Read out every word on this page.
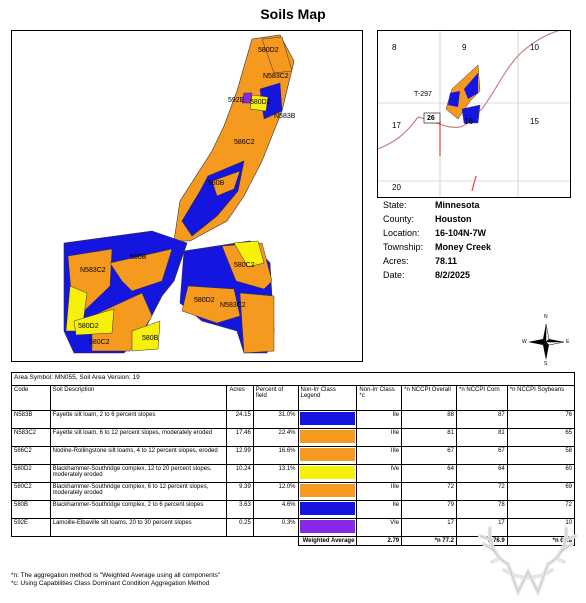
Soils Map
580D2
N583C2
592E 580D2
N583B
586C2
580B
580B
N583C2
580C2
580D2
N583C2
580D2
580C2
580B
8	9	10
17	16	15
20
T-297
26
State:	Minnesota
County:	Houston
Location:	16-104N-7W
Township:	Money Creek
Acres:	78.11
Date:	8/2/2025
N
S
W	E
Area Symbol: MN055, Soil Area Version: 19								
Code	Soil Description	Acres	Percent of field	Non-Irr Class Legend	Non-Irr Class *c	*n NCCPI Overall	*n NCCPI Corn	*n NCCPI Soybeans
N583B	Fayette silt loam, 2 to 6 percent slopes	24.15	31.0%		IIe	88	87	76
N583C2	Fayette silt loam, 6 to 12 percent slopes, moderately eroded	17.46	22.4%		IIIe	81	81	65
586C2	Nodine-Rollingstone silt loams, 4 to 12 percent slopes, eroded	12.99	16.6%		IIIe	67	67	58
580D2	Blackhammer-Southridge complex, 12 to 20 percent slopes, moderately eroded	10.24	13.1%		IVe	64	64	60
580C2	Blackhammer-Southridge complex, 6 to 12 percent slopes, moderately eroded	9.39	12.0%		IIIe	72	72	69
580B	Blackhammer-Southridge complex, 2 to 6 percent slopes	3.63	4.6%		IIe	79	78	72
592E	Lamoille-Elbaville silt loams, 20 to 30 percent slopes	0.25	0.3%		VIe	17	17	10
				Weighted Average	2.79	*n 77.2	*n 76.9	*n 67.8
*n: The aggregation method is "Weighted Average using all components"
*c: Using Capabilities Class Dominant Condition Aggregation Method
